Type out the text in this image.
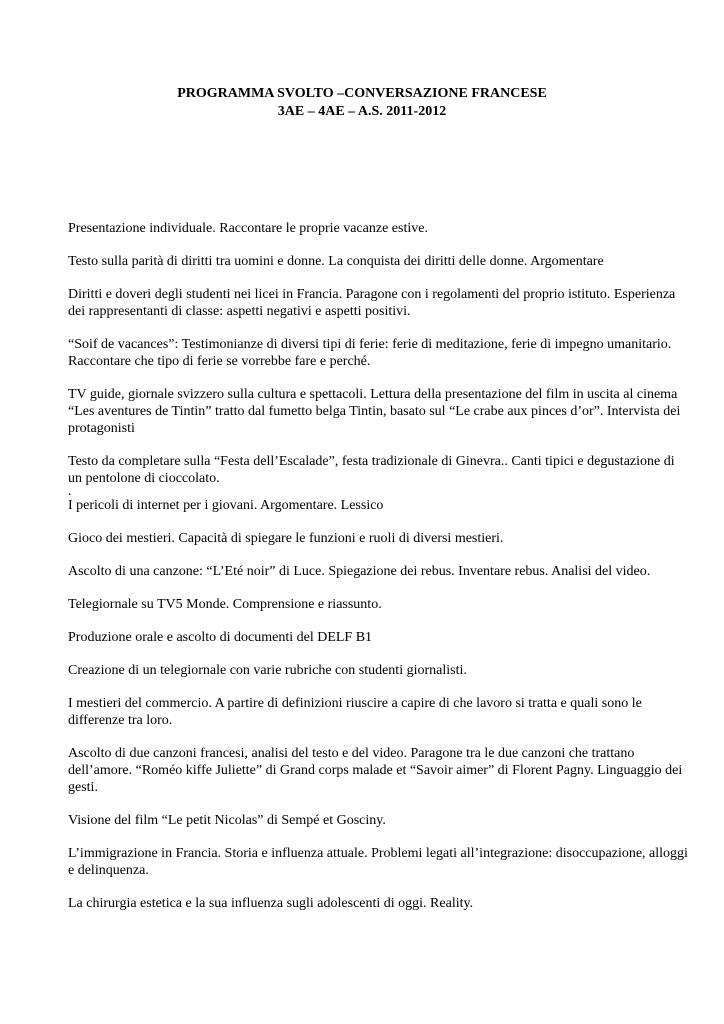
PROGRAMMA SVOLTO –CONVERSAZIONE FRANCESE
3AE – 4AE – A.S. 2011-2012

Presentazione individuale. Raccontare le proprie vacanze estive.

Testo sulla parità di diritti tra uomini e donne. La conquista dei diritti delle donne. Argomentare

Diritti e doveri degli studenti nei licei in Francia. Paragone con i regolamenti del proprio istituto. Esperienza dei rappresentanti di classe: aspetti negativi e aspetti positivi.

“Soif de vacances”: Testimonianze di diversi tipi di ferie: ferie di meditazione, ferie di impegno umanitario. Raccontare che tipo di ferie se vorrebbe fare e perché.

TV guide, giornale svizzero sulla cultura e spettacoli. Lettura della presentazione del film in uscita al cinema “Les aventures de Tintin” tratto dal fumetto belga Tintin, basato sul “Le crabe aux pinces d’or”. Intervista dei protagonisti

Testo da completare sulla “Festa dell’Escalade”, festa tradizionale di Ginevra.. Canti tipici e degustazione di un pentolone di cioccolato.

.

I pericoli di internet per i giovani. Argomentare. Lessico

Gioco dei mestieri. Capacità di spiegare le funzioni e ruoli di diversi mestieri.

Ascolto di una canzone: “L’Eté noir” di Luce. Spiegazione dei rebus. Inventare rebus. Analisi del video.

Telegiornale su TV5 Monde. Comprensione e riassunto.

Produzione orale e ascolto di documenti del DELF B1

Creazione di un telegiornale con varie rubriche con studenti giornalisti.

I mestieri del commercio. A partire di definizioni riuscire a capire di che lavoro si tratta e quali sono le differenze tra loro.

Ascolto di due canzoni francesi, analisi del testo e del video. Paragone tra le due canzoni che trattano dell’amore. “Roméo kiffe Juliette” di Grand corps malade et “Savoir aimer” di Florent Pagny. Linguaggio dei gesti.

Visione del film “Le petit Nicolas” di Sempé et Gosciny.

L’immigrazione in Francia. Storia e influenza attuale. Problemi legati all’integrazione: disoccupazione, alloggi e delinquenza.

La chirurgia estetica e la sua influenza sugli adolescenti di oggi. Reality.
